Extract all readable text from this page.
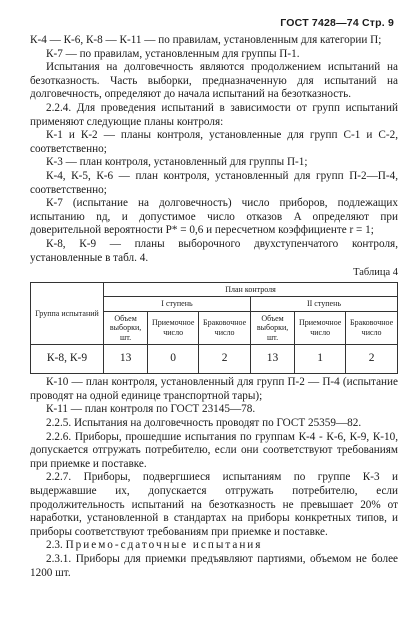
ГОСТ 7428—74 Стр. 9

К-4 — К-6, К-8 — К-11 — по правилам, установленным для категории П;

К-7 — по правилам, установленным для группы П-1.

Испытания на долговечность являются продолжением испытаний на безотказность. Часть выборки, предназначенную для испытаний на долговечность, определяют до начала испытаний на безотказность.

2.2.4. Для проведения испытаний в зависимости от групп испытаний применяют следующие планы контроля:

К-1 и К-2 — планы контроля, установленные для групп С-1 и С-2, соответственно;

К-3 — план контроля, установленный для группы П-1;

К-4, К-5, К-6 — план контроля, установленный для групп П-2—П-4, соответственно;

К-7 (испытание на долговечность) число приборов, подлежащих испытанию nд, и допустимое число отказов A определяют при доверительной вероятности P* = 0,6 и пересчетном коэффициенте r = 1;

К-8, К-9 — планы выборочного двухступенчатого контроля, установленные в табл. 4.

Таблица 4
Группа испытаний	План контроля					
	I ступень			II ступень		
	Объем выборки, шт.	Приемочное число	Браковочное число	Объем выборки, шт.	Приемочное число	Браковочное число
К-8, К-9	13	0	2	13	1	2

К-10 — план контроля, установленный для групп П-2 — П-4 (испытание проводят на одной единице транспортной тары);

К-11 — план контроля по ГОСТ 23145—78.

2.2.5. Испытания на долговечность проводят по ГОСТ 25359—82.

2.2.6. Приборы, прошедшие испытания по группам К-4 - К-6, К-9, К-10, допускается отгружать потребителю, если они соответствуют требованиям при приемке и поставке.

2.2.7. Приборы, подвергшиеся испытаниям по группе К-3 и выдержавшие их, допускается отгружать потребителю, если продолжительность испытаний на безотказность не превышает 20% от наработки, установленной в стандартах на приборы конкретных типов, и приборы соответствуют требованиям при приемке и поставке.

2.3. Приемо-сдаточные испытания

2.3.1. Приборы для приемки предъявляют партиями, объемом не более 1200 шт.
